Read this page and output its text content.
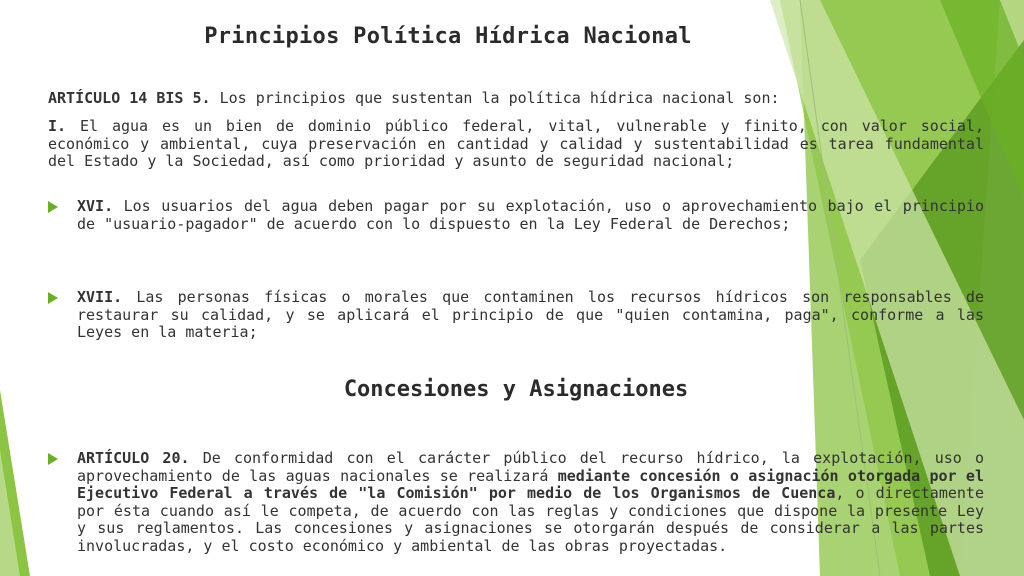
Principios Política Hídrica Nacional
ARTÍCULO 14 BIS 5. Los principios que sustentan la política hídrica nacional son:
I. El agua es un bien de dominio público federal, vital, vulnerable y finito, con valor social, económico y ambiental, cuya preservación en cantidad y calidad y sustentabilidad es tarea fundamental del Estado y la Sociedad, así como prioridad y asunto de seguridad nacional;
XVI. Los usuarios del agua deben pagar por su explotación, uso o aprovechamiento bajo el principio de "usuario-pagador" de acuerdo con lo dispuesto en la Ley Federal de Derechos;
XVII. Las personas físicas o morales que contaminen los recursos hídricos son responsables de restaurar su calidad, y se aplicará el principio de que "quien contamina, paga", conforme a las Leyes en la materia;
Concesiones y Asignaciones
ARTÍCULO 20. De conformidad con el carácter público del recurso hídrico, la explotación, uso o aprovechamiento de las aguas nacionales se realizará mediante concesión o asignación otorgada por el Ejecutivo Federal a través de "la Comisión" por medio de los Organismos de Cuenca, o directamente por ésta cuando así le competa, de acuerdo con las reglas y condiciones que dispone la presente Ley y sus reglamentos. Las concesiones y asignaciones se otorgarán después de considerar a las partes involucradas, y el costo económico y ambiental de las obras proyectadas.
